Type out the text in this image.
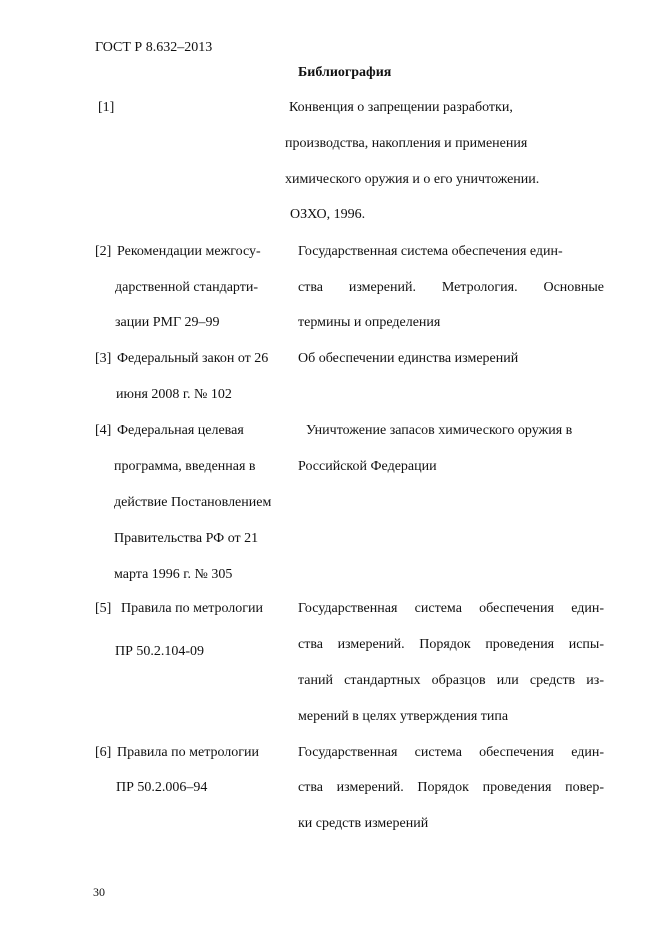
ГОСТ Р 8.632–2013
Библиография
[1]	Конвенция о запрещении разработки,
производства, накопления и применения
химического оружия и о его уничтожении.
ОЗХО, 1996.
[2] Рекомендации межгосу-
дарственной стандарти-
зации РМГ 29–99
Государственная система обеспечения един-
ства измерений. Метрология. Основные
термины и определения
[3] Федеральный закон от 26
июня 2008 г. № 102
Об обеспечении единства измерений
[4] Федеральная целевая
программа, введенная в
действие Постановлением
Правительства РФ от 21
марта 1996 г. № 305
Уничтожение запасов химического оружия в
Российской Федерации
[5] Правила по метрологии
ПР 50.2.104-09
Государственная система обеспечения един-
ства измерений. Порядок проведения испы-
таний стандартных образцов или средств из-
мерений в целях утверждения типа
[6] Правила по метрологии
ПР 50.2.006–94
Государственная система обеспечения един-
ства измерений. Порядок проведения повер-
ки средств измерений
30
